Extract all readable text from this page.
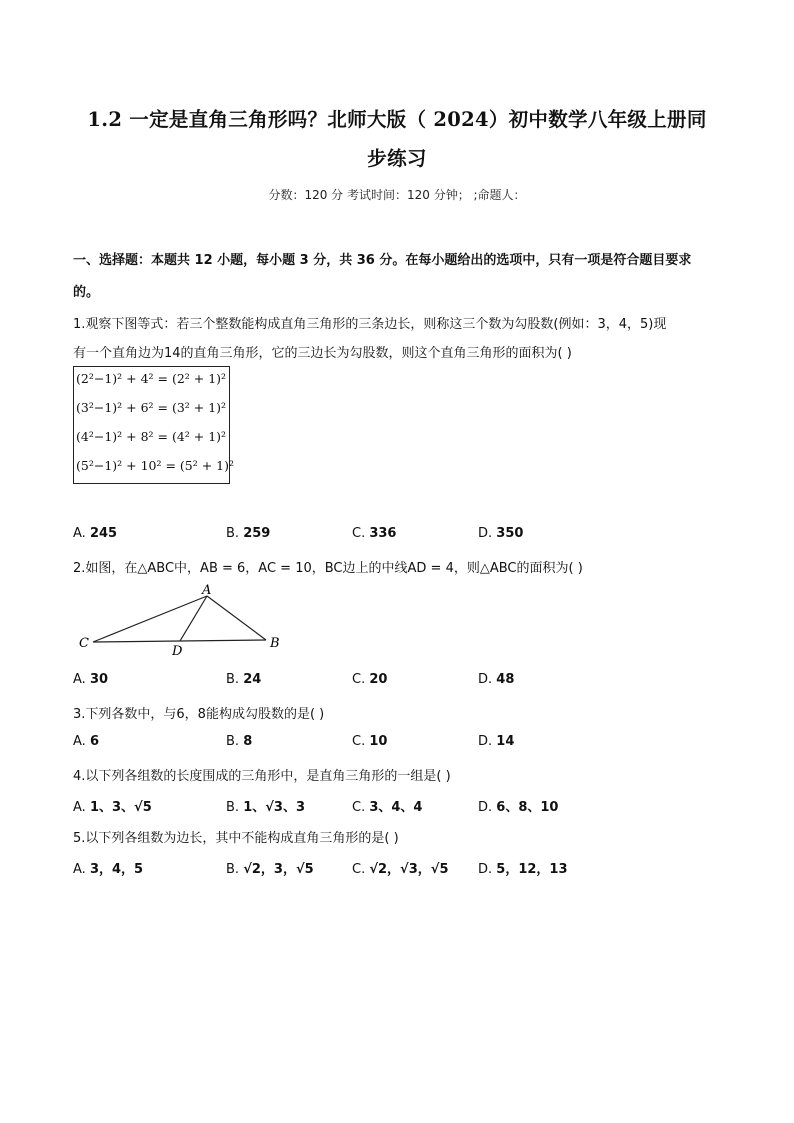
1.2 一定是直角三角形吗？北师大版（ 2024）初中数学八年级上册同
步练习
分数：120 分 考试时间：120 分钟； ;命题人：
一、选择题：本题共 12 小题，每小题 3 分，共 36 分。在每小题给出的选项中，只有一项是符合题目要求
的。
1.观察下图等式：若三个整数能构成直角三角形的三条边长，则称这三个数为勾股数(例如：3，4，5)现
有一个直角边为14的直角三角形，它的三边长为勾股数，则这个直角三角形的面积为( )
(2²−1)² + 4² = (2² + 1)²
(3²−1)² + 6² = (3² + 1)²
(4²−1)² + 8² = (4² + 1)²
(5²−1)² + 10² = (5² + 1)²
A. 245	B. 259	C. 336	D. 350
2.如图，在△ABC中，AB = 6，AC = 10，BC边上的中线AD = 4，则△ABC的面积为( )
A
C
D
B
A. 30	B. 24	C. 20	D. 48
3.下列各数中，与6，8能构成勾股数的是( )
A. 6	B. 8	C. 10	D. 14
4.以下列各组数的长度围成的三角形中，是直角三角形的一组是( )
A. 1、3、√5	B. 1、√3、3	C. 3、4、4	D. 6、8、10
5.以下列各组数为边长，其中不能构成直角三角形的是( )
A. 3，4，5	B. √2，3，√5	C. √2，√3，√5 D. 5，12，13
